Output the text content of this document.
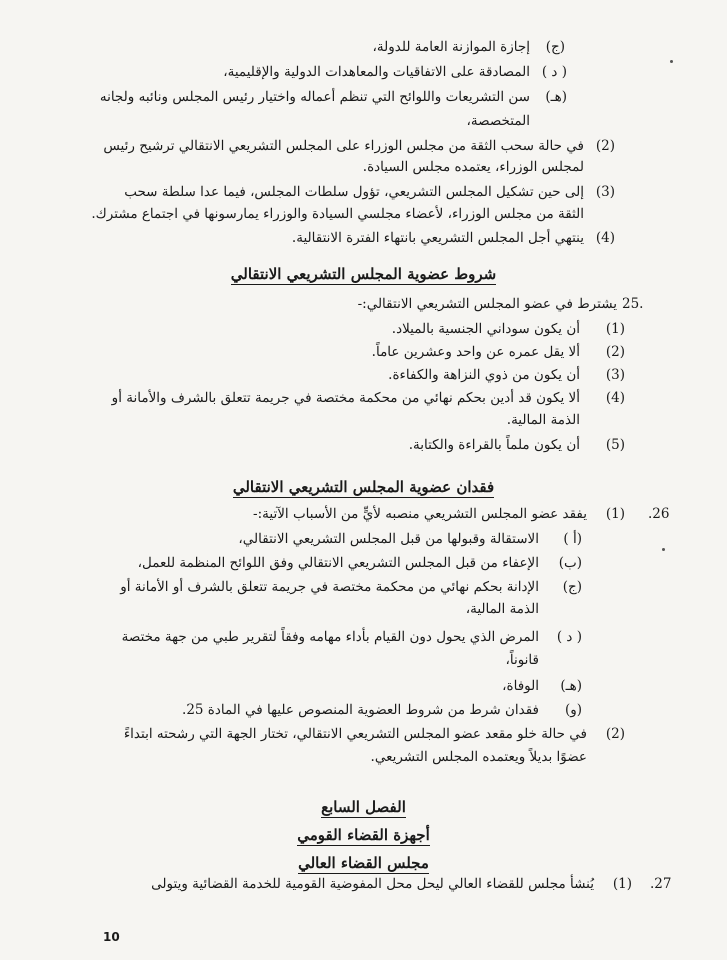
(ج)
إجازة الموازنة العامة للدولة،
( د )
المصادقة على الاتفاقيات والمعاهدات الدولية والإقليمية،
(هـ)
سن التشريعات واللوائح التي تنظم أعماله واختيار رئيس المجلس ونائبه ولجانه
المتخصصة،
(2)
في حالة سحب الثقة من مجلس الوزراء على المجلس التشريعي الانتقالي ترشيح رئيس
لمجلس الوزراء، يعتمده مجلس السيادة.
(3)
إلى حين تشكيل المجلس التشريعي، تؤول سلطات المجلس، فيما عدا سلطة سحب
الثقة من مجلس الوزراء، لأعضاء مجلسي السيادة والوزراء يمارسونها في اجتماع مشترك.
(4)
ينتهي أجل المجلس التشريعي بانتهاء الفترة الانتقالية.
شروط عضوية المجلس التشريعي الانتقالي
25.
يشترط في عضو المجلس التشريعي الانتقالي:-
(1)
أن يكون سوداني الجنسية بالميلاد.
(2)
ألا يقل عمره عن واحد وعشرين عاماً.
(3)
أن يكون من ذوي النزاهة والكفاءة.
(4)
ألا يكون قد أدين بحكم نهائي من محكمة مختصة في جريمة تتعلق بالشرف والأمانة أو
الذمة المالية.
(5)
أن يكون ملماً بالقراءة والكتابة.
فقدان عضوية المجلس التشريعي الانتقالي
.26
(1)
يفقد عضو المجلس التشريعي منصبه لأيٍّ من الأسباب الآتية:-
(أ )
الاستقالة وقبولها من قبل المجلس التشريعي الانتقالي،
(ب)
الإعفاء من قبل المجلس التشريعي الانتقالي وفق اللوائح المنظمة للعمل،
(ج)
الإدانة بحكم نهائي من محكمة مختصة في جريمة تتعلق بالشرف أو الأمانة أو
الذمة المالية،
( د )
المرض الذي يحول دون القيام بأداء مهامه وفقاً لتقرير طبي من جهة مختصة
قانوناً،
(هـ)
الوفاة،
(و)
فقدان شرط من شروط العضوية المنصوص عليها في المادة 25.
(2)
في حالة خلو مقعد عضو المجلس التشريعي الانتقالي، تختار الجهة التي رشحته ابتداءً
عضوًا بديلاً ويعتمده المجلس التشريعي.
الفصل السابع
أجهزة القضاء القومي
مجلس القضاء العالي
.27
(1)
يُنشأ مجلس للقضاء العالي ليحل محل المفوضية القومية للخدمة القضائية ويتولى
10
